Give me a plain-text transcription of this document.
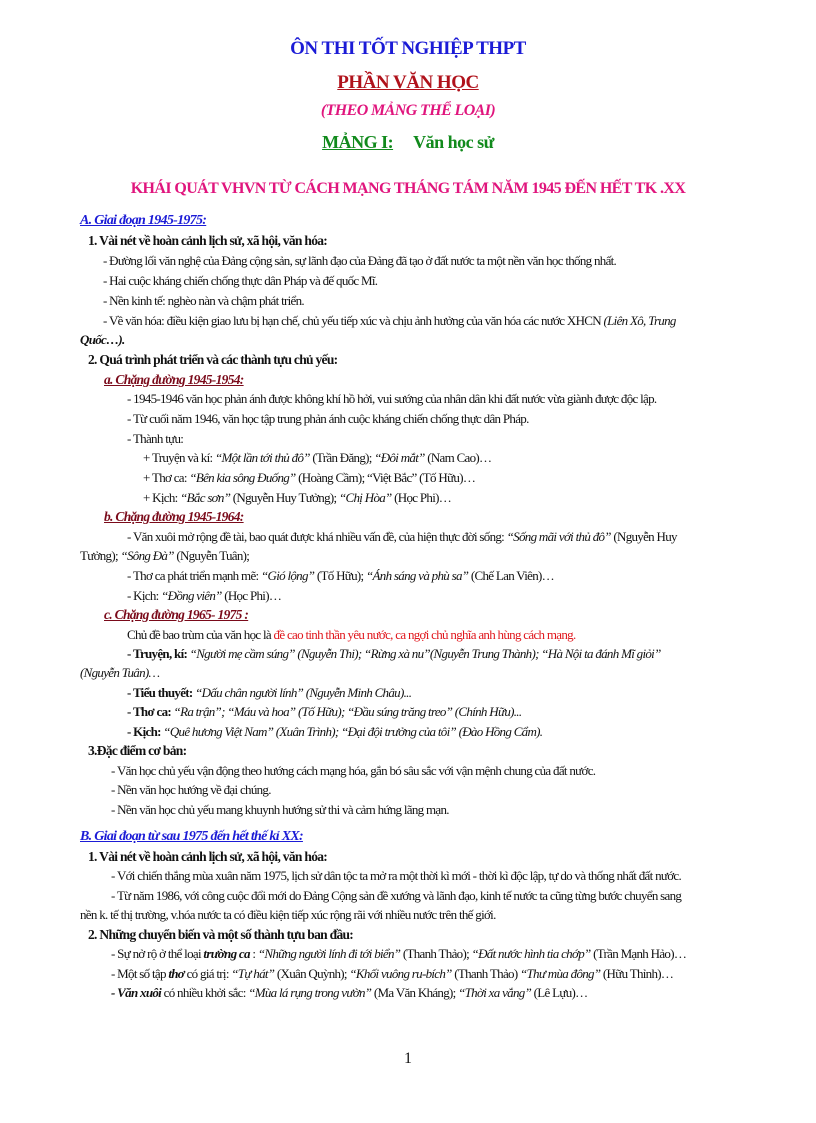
ÔN THI TỐT NGHIỆP THPT
PHẦN VĂN HỌC
(THEO MẢNG THỂ LOẠI)
MẢNG I: Văn học sử
KHÁI QUÁT VHVN TỪ CÁCH MẠNG THÁNG TÁM NĂM 1945 ĐẾN HẾT TK .XX
A. Giai đoạn 1945-1975:
1. Vài nét về hoàn cảnh lịch sử, xã hội, văn hóa:
- Đường lối văn nghệ của Đảng cộng sản, sự lãnh đạo của Đảng đã tạo ở đất nước ta một nền văn học thống nhất.
- Hai cuộc kháng chiến chống thực dân Pháp và đế quốc Mĩ.
- Nền kinh tế: nghèo nàn và chậm phát triển.
- Về văn hóa: điều kiện giao lưu bị hạn chế, chủ yếu tiếp xúc và chịu ảnh hưởng của văn hóa các nước XHCN (Liên Xô, Trung
Quốc…).
2. Quá trình phát triển và các thành tựu chủ yếu:
a. Chặng đường 1945-1954:
- 1945-1946 văn học phản ánh được không khí hồ hởi, vui sướng của nhân dân khi đất nước vừa giành được độc lập.
- Từ cuối năm 1946, văn học tập trung phản ánh cuộc kháng chiến chống thực dân Pháp.
- Thành tựu:
+ Truyện và kí: “Một lần tới thủ đô” (Trần Đăng); “Đôi mắt” (Nam Cao)…
+ Thơ ca: “Bên kia sông Đuống” (Hoàng Cầm); “Việt Bắc” (Tố Hữu)…
+ Kịch: “Bắc sơn” (Nguyễn Huy Tưởng); “Chị Hòa” (Học Phi)…
b. Chặng đường 1945-1964:
- Văn xuôi mở rộng đề tài, bao quát được khá nhiều vấn đề, của hiện thực đời sống: “Sống mãi với thủ đô” (Nguyễn Huy
Tưởng); “Sông Đà” (Nguyễn Tuân);
- Thơ ca phát triển mạnh mẽ: “Gió lộng” (Tố Hữu); “Ánh sáng và phù sa” (Chế Lan Viên)…
- Kịch: “Đồng viên” (Học Phi)…
c. Chặng đường 1965- 1975 :
Chủ đề bao trùm của văn học là đề cao tinh thần yêu nước, ca ngợi chủ nghĩa anh hùng cách mạng.
- Truyện, kí: “Người mẹ cầm súng” (Nguyễn Thi); “Rừng xà nu”(Nguyễn Trung Thành); “Hà Nội ta đánh Mĩ giỏi”
(Nguyễn Tuân)…
- Tiểu thuyết: “Dấu chân người lính” (Nguyễn Minh Châu)...
- Thơ ca: “Ra trận”; “Máu và hoa” (Tố Hữu); “Đầu súng trăng treo” (Chính Hữu)...
- Kịch: “Quê hương Việt Nam” (Xuân Trình); “Đại đội trưởng của tôi” (Đào Hồng Cẩm).
3.Đặc điểm cơ bản:
- Văn học chủ yếu vận động theo hướng cách mạng hóa, gắn bó sâu sắc với vận mệnh chung của đất nước.
- Nền văn học hướng về đại chúng.
- Nền văn học chủ yếu mang khuynh hướng sử thi và cảm hứng lãng mạn.
B. Giai đoạn từ sau 1975 đến hết thế kỉ XX:
1. Vài nét về hoàn cảnh lịch sử, xã hội, văn hóa:
- Với chiến thắng mùa xuân năm 1975, lịch sử dân tộc ta mở ra một thời kì mới - thời kì độc lập, tự do và thống nhất đất nước.
- Từ năm 1986, với công cuộc đổi mới do Đảng Cộng sản đề xướng và lãnh đạo, kinh tế nước ta cũng từng bước chuyển sang
nền k. tế thị trường, v.hóa nước ta có điều kiện tiếp xúc rộng rãi với nhiều nước trên thế giới.
2. Những chuyển biến và một số thành tựu ban đầu:
- Sự nở rộ ở thể loại trường ca : “Những người lính đi tới biển” (Thanh Thảo); “Đất nước hình tia chớp” (Trần Mạnh Hảo)…
- Một số tập thơ có giá trị: “Tự hát” (Xuân Quỳnh); “Khối vuông ru-bích” (Thanh Thảo) “Thư mùa đông” (Hữu Thỉnh)…
- Văn xuôi có nhiều khởi sắc: “Mùa lá rụng trong vườn” (Ma Văn Kháng); “Thời xa vắng” (Lê Lựu)…
1
